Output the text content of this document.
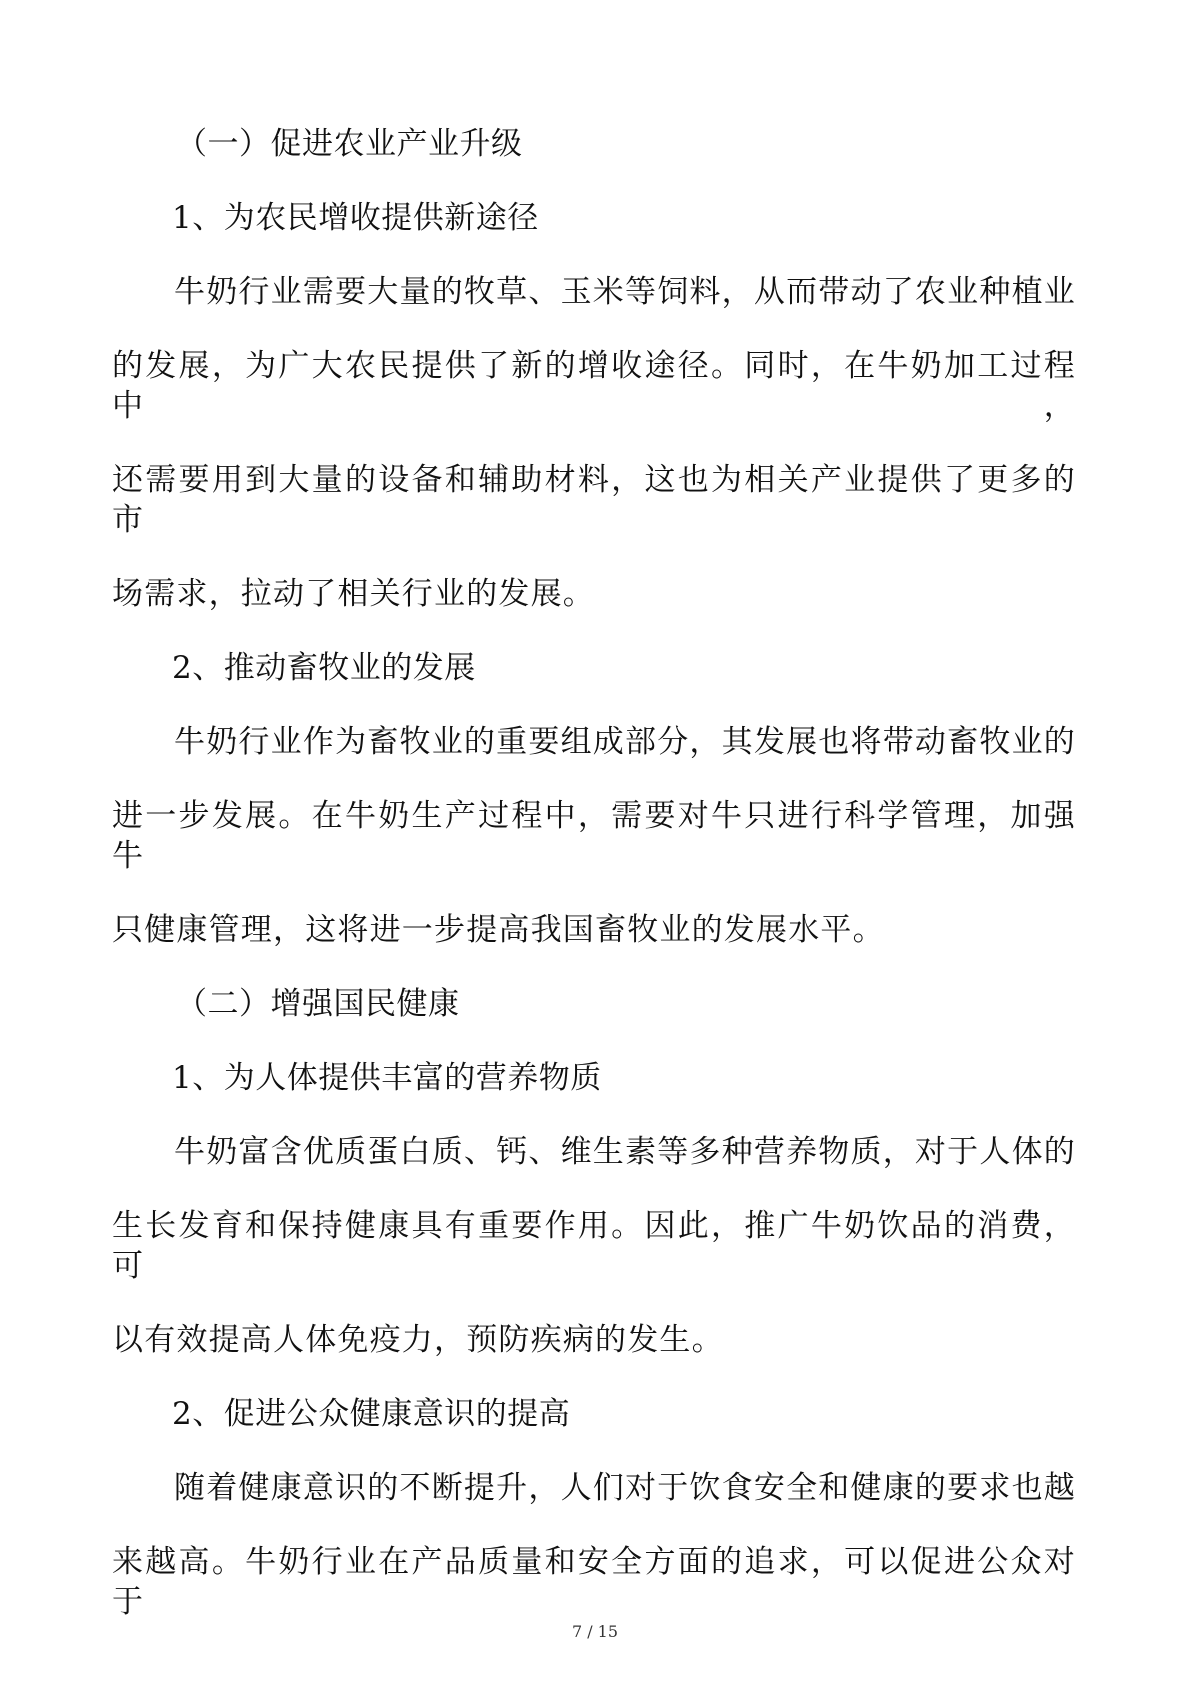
（一）促进农业产业升级
1、为农民增收提供新途径
牛奶行业需要大量的牧草、玉米等饲料，从而带动了农业种植业
的发展，为广大农民提供了新的增收途径。同时，在牛奶加工过程中，
还需要用到大量的设备和辅助材料，这也为相关产业提供了更多的市
场需求，拉动了相关行业的发展。
2、推动畜牧业的发展
牛奶行业作为畜牧业的重要组成部分，其发展也将带动畜牧业的
进一步发展。在牛奶生产过程中，需要对牛只进行科学管理，加强牛
只健康管理，这将进一步提高我国畜牧业的发展水平。
（二）增强国民健康
1、为人体提供丰富的营养物质
牛奶富含优质蛋白质、钙、维生素等多种营养物质，对于人体的
生长发育和保持健康具有重要作用。因此，推广牛奶饮品的消费，可
以有效提高人体免疫力，预防疾病的发生。
2、促进公众健康意识的提高
随着健康意识的不断提升，人们对于饮食安全和健康的要求也越
来越高。牛奶行业在产品质量和安全方面的追求，可以促进公众对于
7 / 15
